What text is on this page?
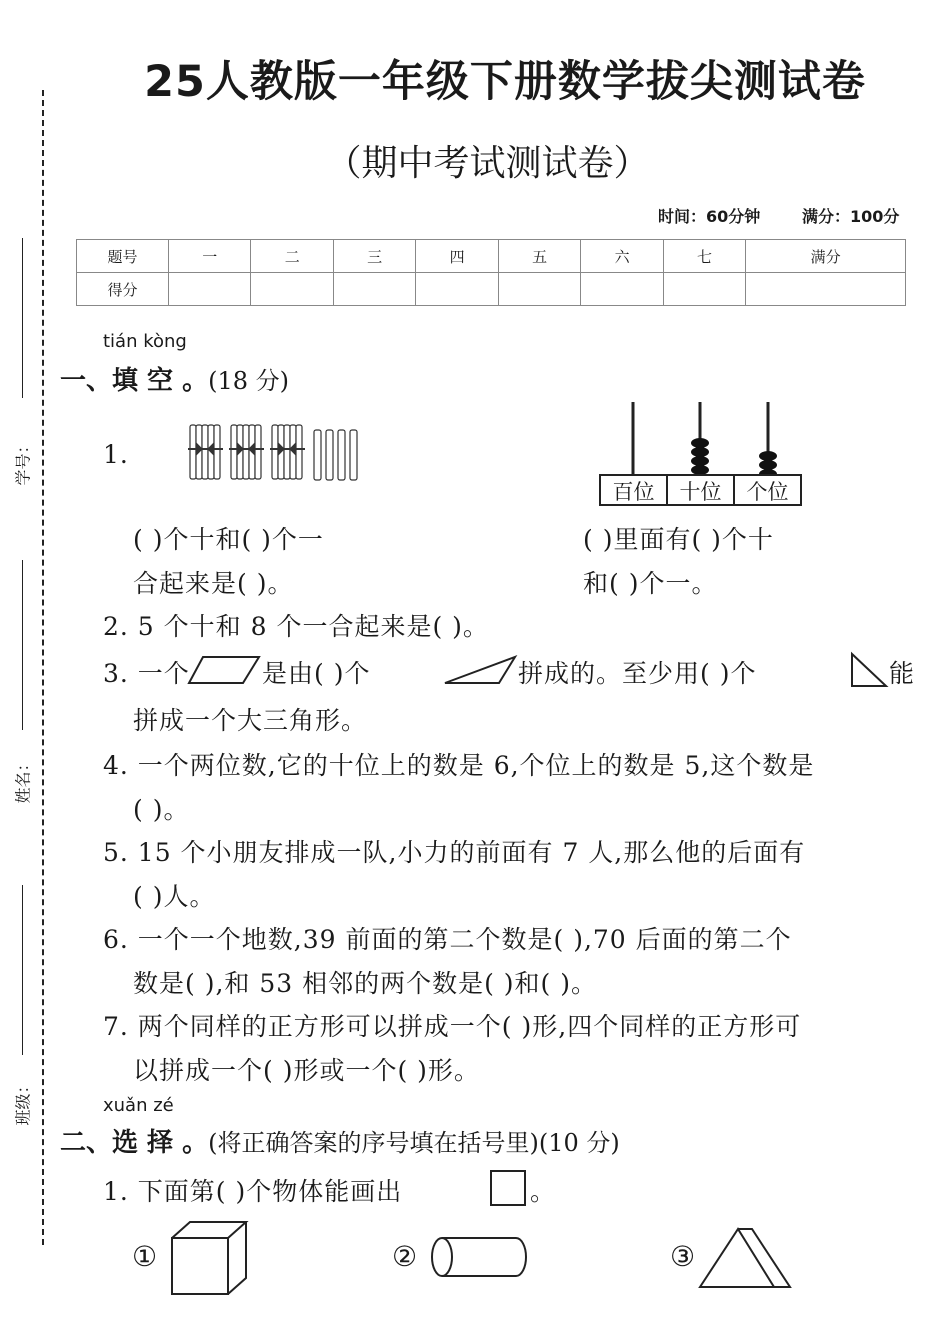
25人教版一年级下册数学拔尖测试卷
（期中考试测试卷）
时间：60分钟	满分：100分
题号	一	二	三	四	五	六	七	满分
得分								
学号：
姓名：
班级：
tián kòng
一、填 空 。(18 分)
1.
百位	十位	个位
( )个十和( )个一
合起来是( )。
( )里面有( )个十
和( )个一。
2. 5 个十和 8 个一合起来是( )。
3. 一个	是由( )个	拼成的。至少用( )个	能
拼成一个大三角形。
4. 一个两位数,它的十位上的数是 6,个位上的数是 5,这个数是
( )。
5. 15 个小朋友排成一队,小力的前面有 7 人,那么他的后面有
( )人。
6. 一个一个地数,39 前面的第二个数是( ),70 后面的第二个
数是( ),和 53 相邻的两个数是( )和( )。
7. 两个同样的正方形可以拼成一个( )形,四个同样的正方形可
以拼成一个( )形或一个( )形。
xuǎn zé
二、选 择 。(将正确答案的序号填在括号里)(10 分)
1. 下面第( )个物体能画出	。
①	②	③
